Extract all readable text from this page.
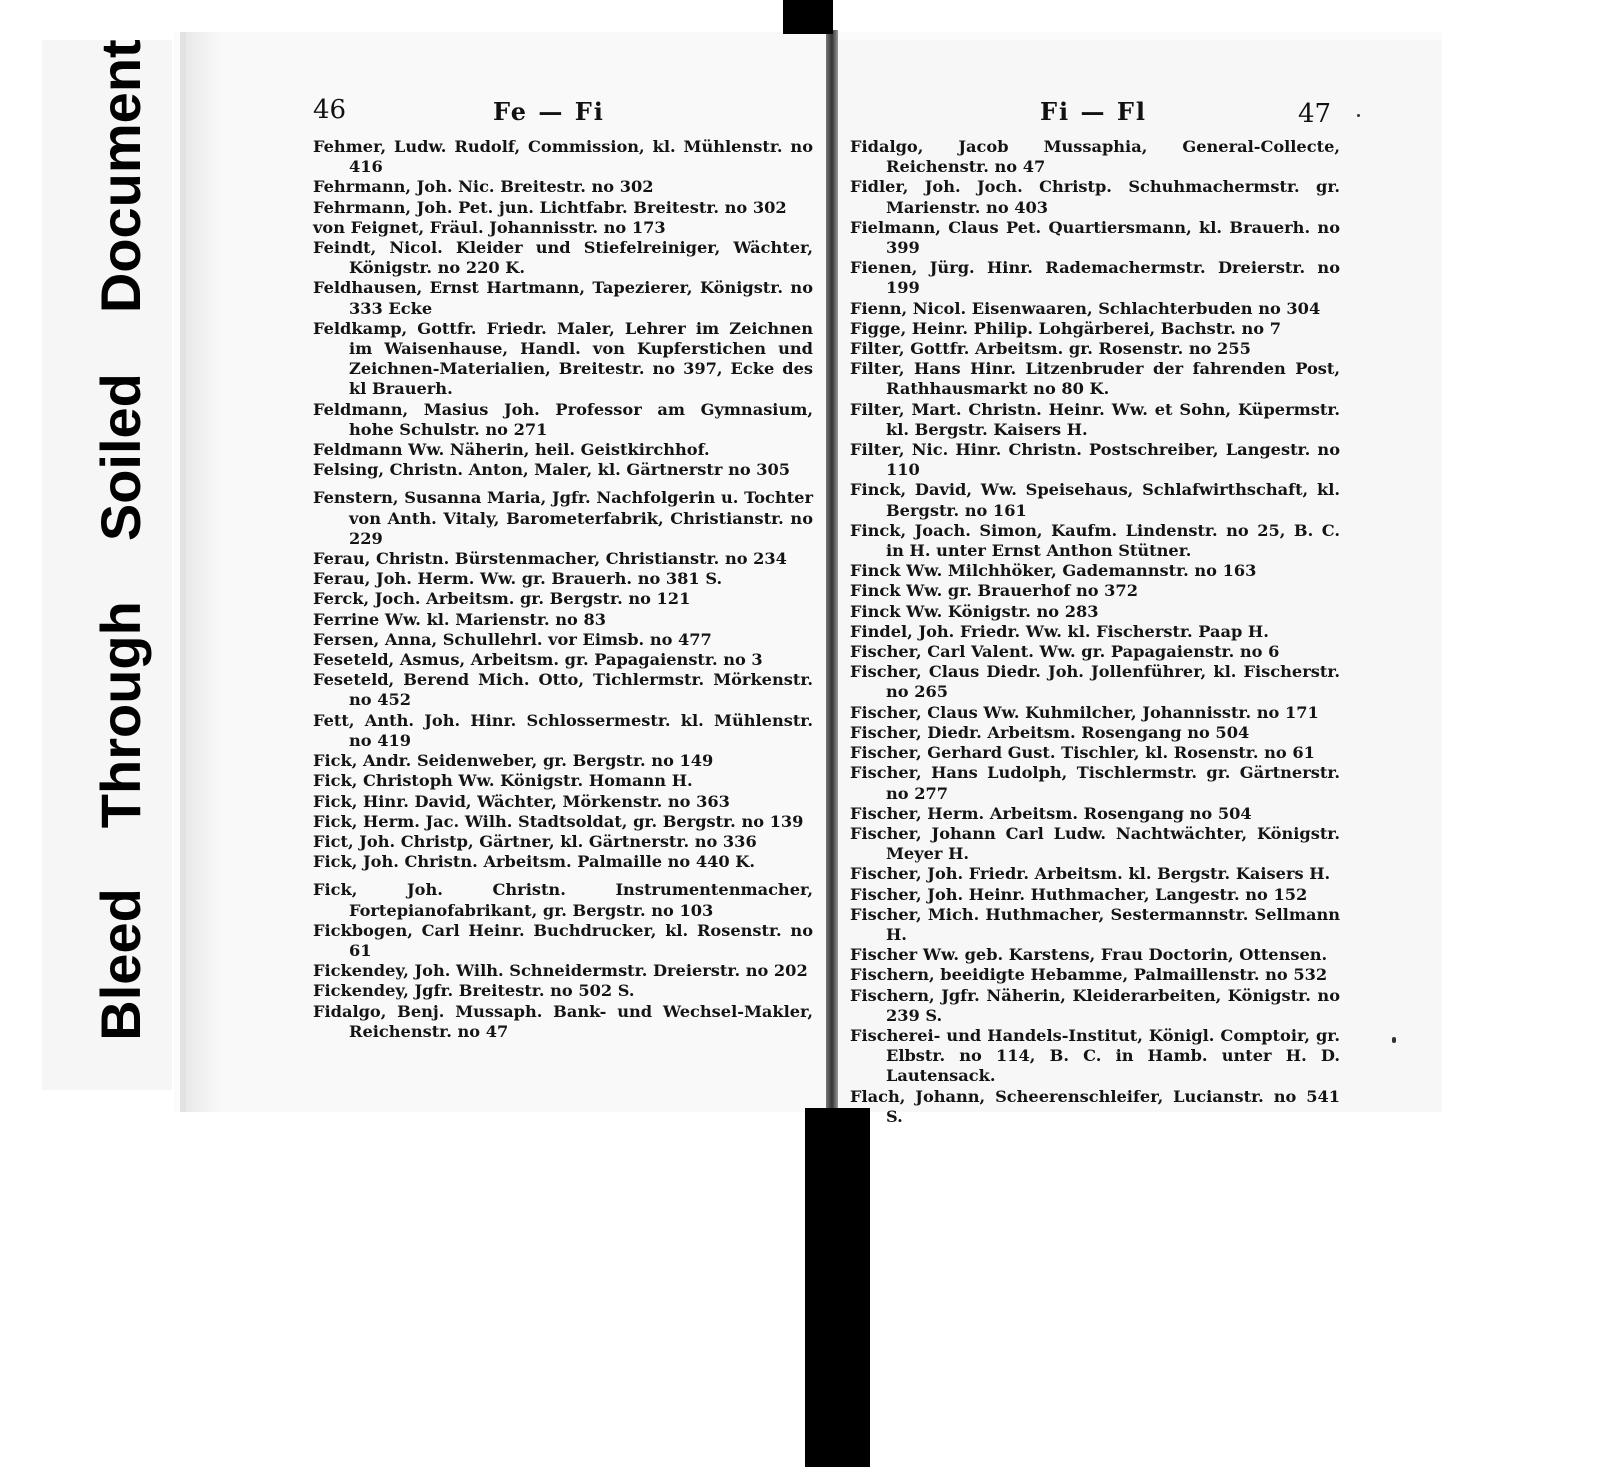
Bleed
Through
Soiled
Document	46	Fe — Fi	Fi — Fl	47

Fehmer, Ludw. Rudolf, Commission, kl. Mühlenstr. no 416

Fehrmann, Joh. Nic. Breitestr. no 302

Fehrmann, Joh. Pet. jun. Lichtfabr. Breitestr. no 302

von Feignet, Fräul. Johannisstr. no 173

Feindt, Nicol. Kleider und Stiefelreiniger, Wächter, Königstr. no 220 K.

Feldhausen, Ernst Hartmann, Tapezierer, Königstr. no 333 Ecke

Feldkamp, Gottfr. Friedr. Maler, Lehrer im Zeichnen im Waisenhause, Handl. von Kupferstichen und Zeichnen-Materialien, Breitestr. no 397, Ecke des kl Brauerh.

Feldmann, Masius Joh. Professor am Gymnasium, hohe Schulstr. no 271

Feldmann Ww. Näherin, heil. Geistkirchhof.

Felsing, Christn. Anton, Maler, kl. Gärtnerstr no 305

Fenstern, Susanna Maria, Jgfr. Nachfolgerin u. Tochter von Anth. Vitaly, Barometerfabrik, Christianstr. no 229

Ferau, Christn. Bürstenmacher, Christianstr. no 234

Ferau, Joh. Herm. Ww. gr. Brauerh. no 381 S.

Ferck, Joch. Arbeitsm. gr. Bergstr. no 121

Ferrine Ww. kl. Marienstr. no 83

Fersen, Anna, Schullehrl. vor Eimsb. no 477

Feseteld, Asmus, Arbeitsm. gr. Papagaienstr. no 3

Feseteld, Berend Mich. Otto, Tichlermstr. Mörkenstr. no 452

Fett, Anth. Joh. Hinr. Schlossermestr. kl. Mühlenstr. no 419

Fick, Andr. Seidenweber, gr. Bergstr. no 149

Fick, Christoph Ww. Königstr. Homann H.

Fick, Hinr. David, Wächter, Mörkenstr. no 363

Fick, Herm. Jac. Wilh. Stadtsoldat, gr. Bergstr. no 139

Fict, Joh. Christp, Gärtner, kl. Gärtnerstr. no 336

Fick, Joh. Christn. Arbeitsm. Palmaille no 440 K.

Fick, Joh. Christn. Instrumentenmacher, Fortepianofabrikant, gr. Bergstr. no 103

Fickbogen, Carl Heinr. Buchdrucker, kl. Rosenstr. no 61

Fickendey, Joh. Wilh. Schneidermstr. Dreierstr. no 202

Fickendey, Jgfr. Breitestr. no 502 S.

Fidalgo, Benj. Mussaph. Bank- und Wechsel-Makler, Reichenstr. no 47

Fidalgo, Jacob Mussaphia, General-Collecte, Reichenstr. no 47

Fidler, Joh. Joch. Christp. Schuhmachermstr. gr. Marienstr. no 403

Fielmann, Claus Pet. Quartiersmann, kl. Brauerh. no 399

Fienen, Jürg. Hinr. Rademachermstr. Dreierstr. no 199

Fienn, Nicol. Eisenwaaren, Schlachterbuden no 304

Figge, Heinr. Philip. Lohgärberei, Bachstr. no 7

Filter, Gottfr. Arbeitsm. gr. Rosenstr. no 255

Filter, Hans Hinr. Litzenbruder der fahrenden Post, Rathhausmarkt no 80 K.

Filter, Mart. Christn. Heinr. Ww. et Sohn, Küpermstr. kl. Bergstr. Kaisers H.

Filter, Nic. Hinr. Christn. Postschreiber, Langestr. no 110

Finck, David, Ww. Speisehaus, Schlafwirthschaft, kl. Bergstr. no 161

Finck, Joach. Simon, Kaufm. Lindenstr. no 25, B. C. in H. unter Ernst Anthon Stütner.

Finck Ww. Milchhöker, Gademannstr. no 163

Finck Ww. gr. Brauerhof no 372

Finck Ww. Königstr. no 283

Findel, Joh. Friedr. Ww. kl. Fischerstr. Paap H.

Fischer, Carl Valent. Ww. gr. Papagaienstr. no 6

Fischer, Claus Diedr. Joh. Jollenführer, kl. Fischerstr. no 265

Fischer, Claus Ww. Kuhmilcher, Johannisstr. no 171

Fischer, Diedr. Arbeitsm. Rosengang no 504

Fischer, Gerhard Gust. Tischler, kl. Rosenstr. no 61

Fischer, Hans Ludolph, Tischlermstr. gr. Gärtnerstr. no 277

Fischer, Herm. Arbeitsm. Rosengang no 504

Fischer, Johann Carl Ludw. Nachtwächter, Königstr. Meyer H.

Fischer, Joh. Friedr. Arbeitsm. kl. Bergstr. Kaisers H.

Fischer, Joh. Heinr. Huthmacher, Langestr. no 152

Fischer, Mich. Huthmacher, Sestermannstr. Sellmann H.

Fischer Ww. geb. Karstens, Frau Doctorin, Ottensen.

Fischern, beeidigte Hebamme, Palmaillenstr. no 532

Fischern, Jgfr. Näherin, Kleiderarbeiten, Königstr. no 239 S.

Fischerei- und Handels-Institut, Königl. Comptoir, gr. Elbstr. no 114, B. C. in Hamb. unter H. D. Lautensack.

Flach, Johann, Scheerenschleifer, Lucianstr. no 541 S.
